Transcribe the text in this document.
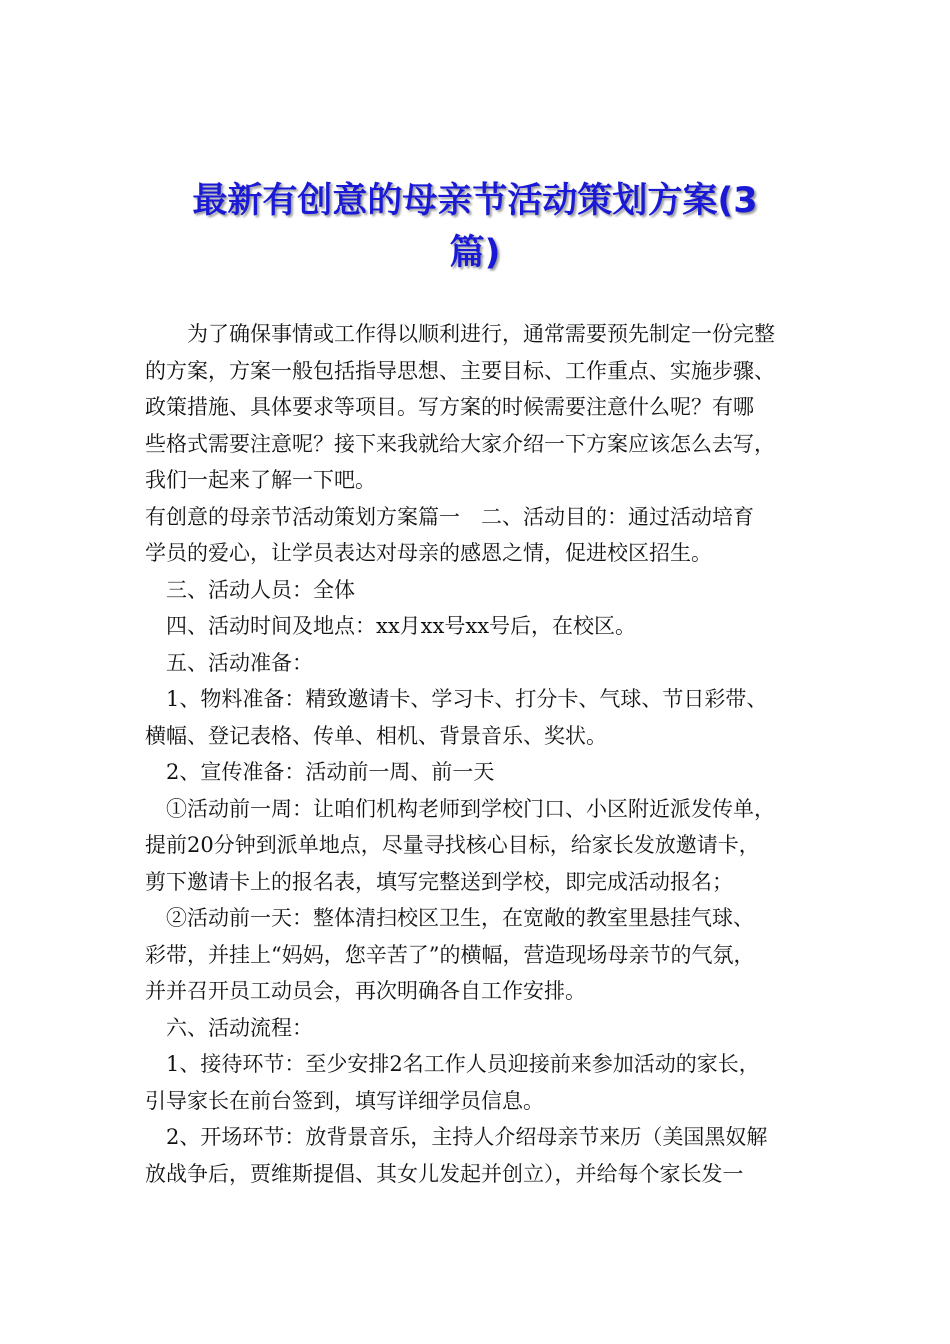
最新有创意的母亲节活动策划方案(3
篇)

为了确保事情或工作得以顺利进行，通常需要预先制定一份完整

的方案，方案一般包括指导思想、主要目标、工作重点、实施步骤、

政策措施、具体要求等项目。写方案的时候需要注意什么呢？有哪

些格式需要注意呢？接下来我就给大家介绍一下方案应该怎么去写，

我们一起来了解一下吧。

有创意的母亲节活动策划方案篇一　二、活动目的：通过活动培育

学员的爱心，让学员表达对母亲的感恩之情，促进校区招生。

三、活动人员：全体

四、活动时间及地点：xx月xx号xx号后，在校区。

五、活动准备：

1、物料准备：精致邀请卡、学习卡、打分卡、气球、节日彩带、

横幅、登记表格、传单、相机、背景音乐、奖状。

2、宣传准备：活动前一周、前一天

①活动前一周：让咱们机构老师到学校门口、小区附近派发传单，

提前20分钟到派单地点，尽量寻找核心目标，给家长发放邀请卡，

剪下邀请卡上的报名表，填写完整送到学校，即完成活动报名；

②活动前一天：整体清扫校区卫生，在宽敞的教室里悬挂气球、

彩带，并挂上“妈妈，您辛苦了”的横幅，营造现场母亲节的气氛，

并并召开员工动员会，再次明确各自工作安排。

六、活动流程：

1、接待环节：至少安排2名工作人员迎接前来参加活动的家长，

引导家长在前台签到，填写详细学员信息。

2、开场环节：放背景音乐，主持人介绍母亲节来历（美国黑奴解

放战争后，贾维斯提倡、其女儿发起并创立），并给每个家长发一
